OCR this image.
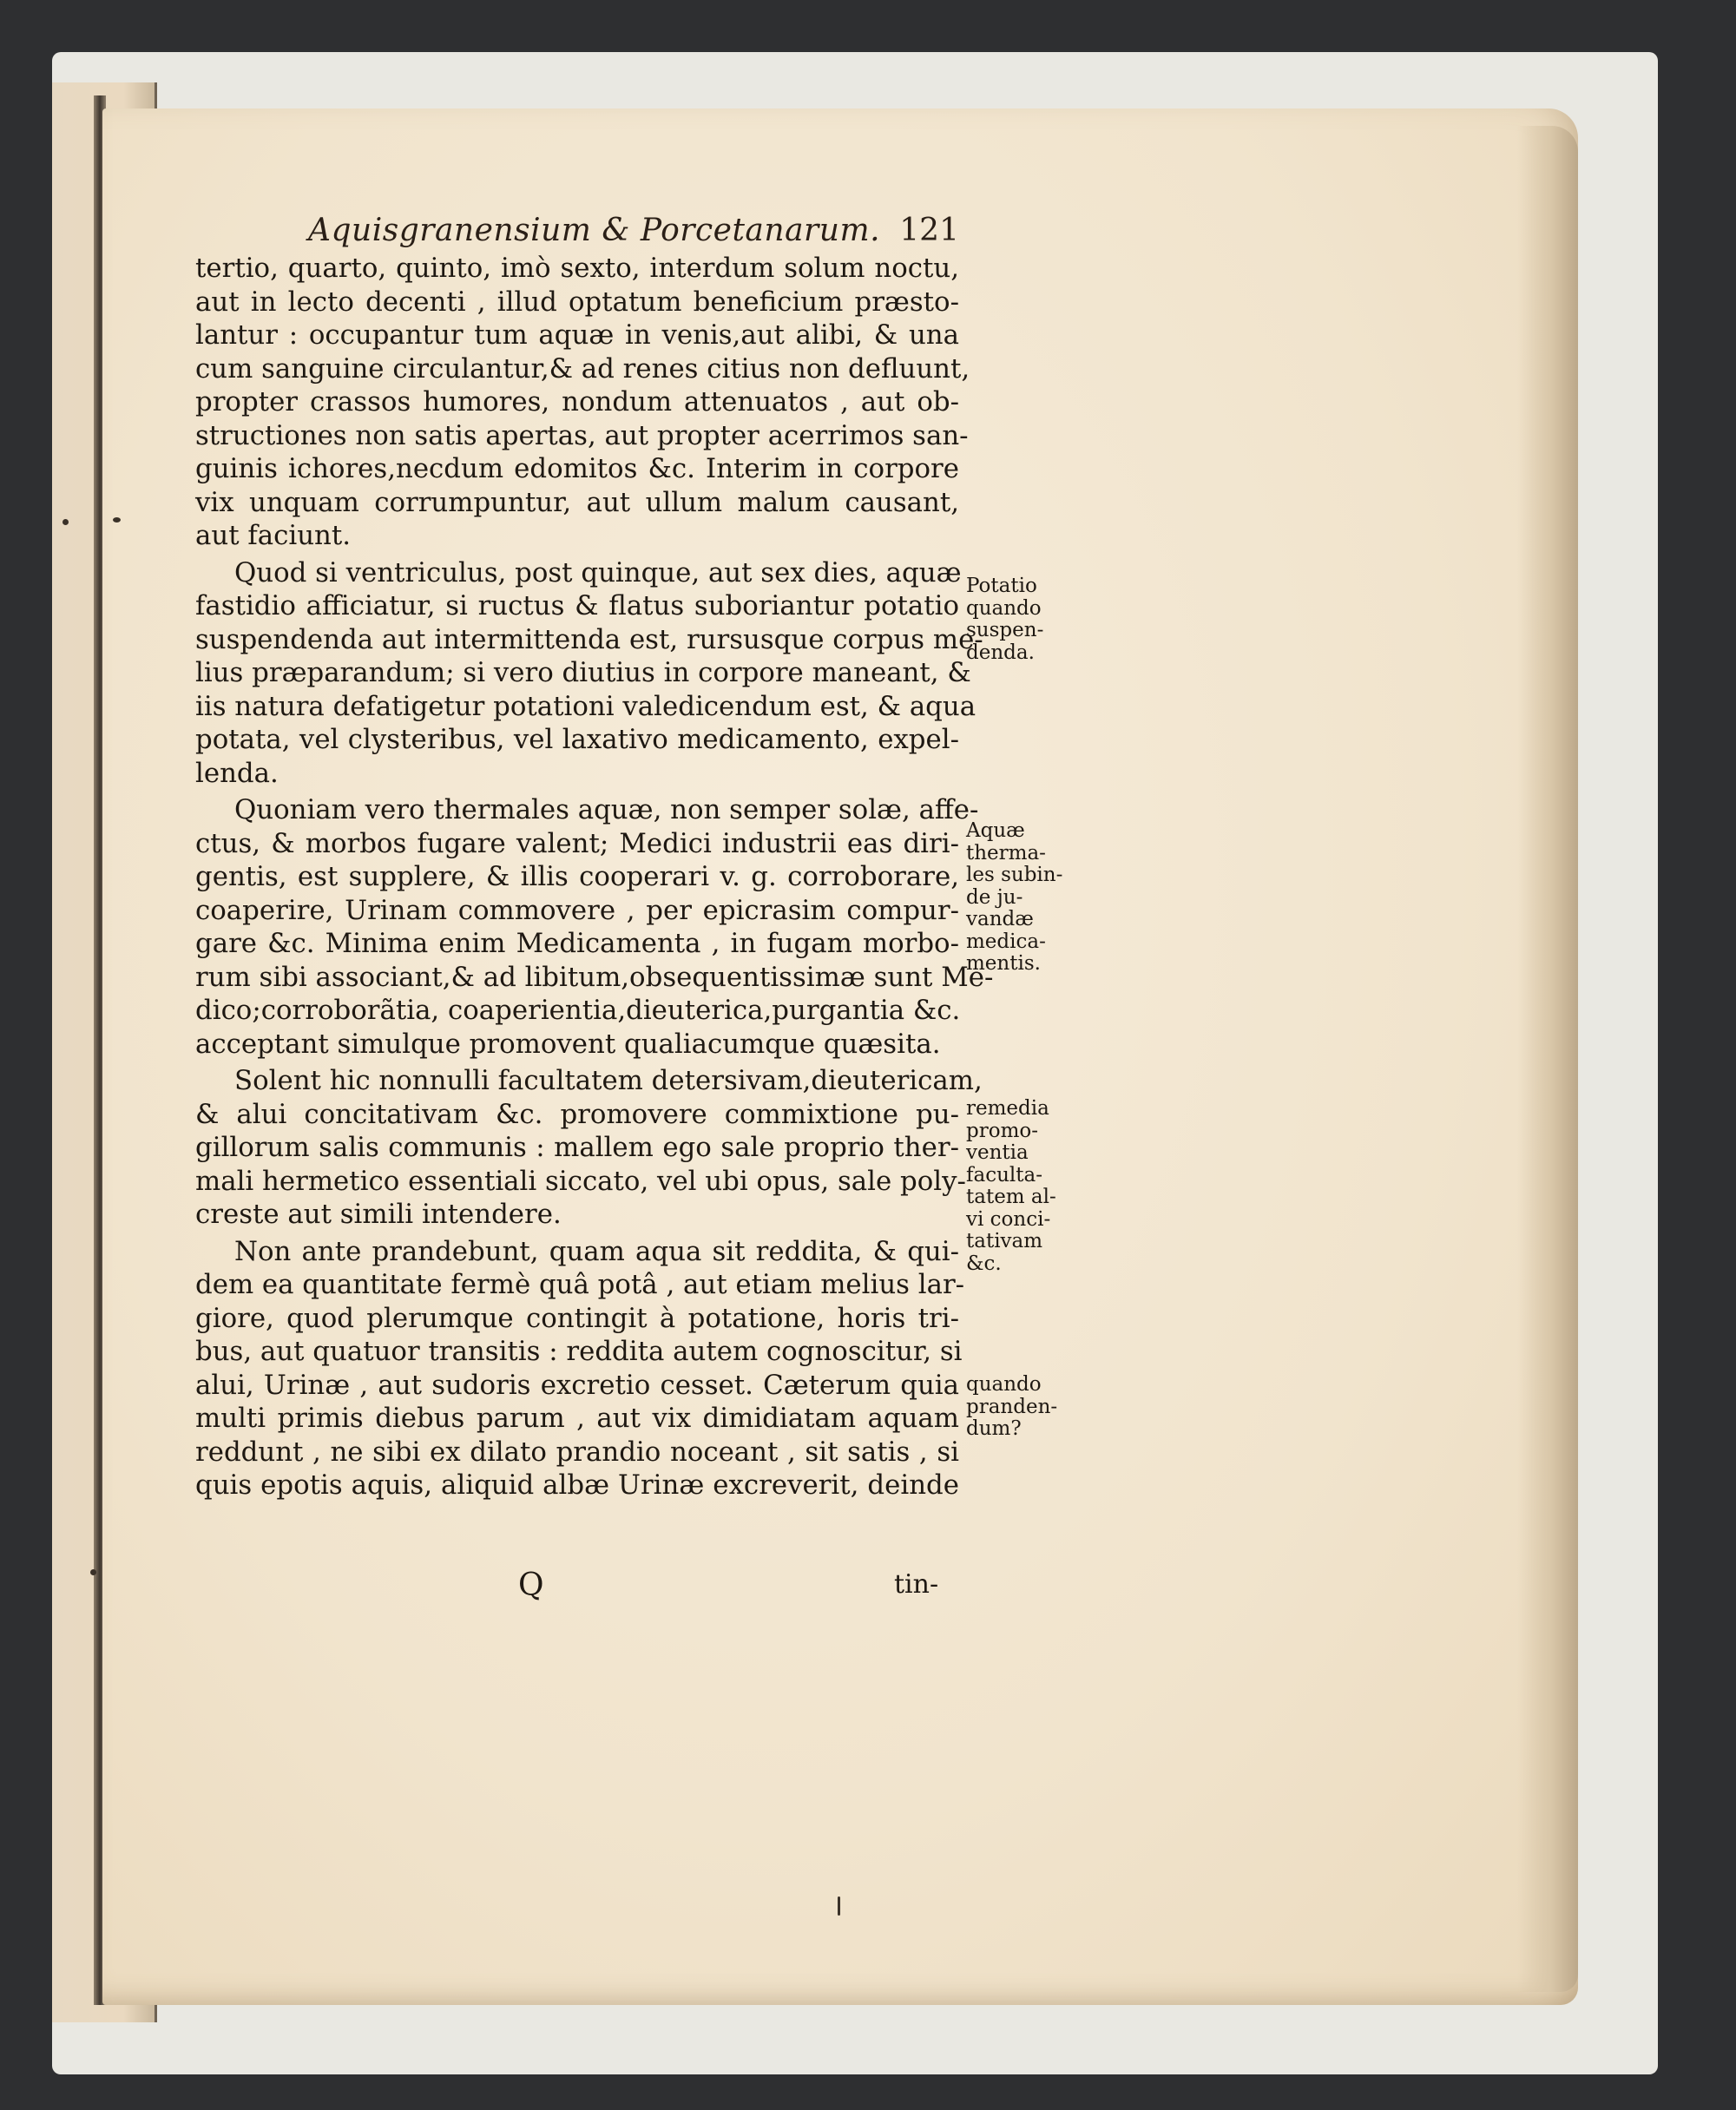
Aquisgranensium & Porcetanarum. 121
tertio, quarto, quinto, imò sexto, interdum solum noctu,
aut in lecto decenti , illud optatum beneficium præsto-
lantur : occupantur tum aquæ in venis,aut alibi, & una
cum sanguine circulantur,& ad renes citius non defluunt,
propter crassos humores, nondum attenuatos , aut ob-
structiones non satis apertas, aut propter acerrimos san-
guinis ichores,necdum edomitos &c. Interim in corpore
vix unquam corrumpuntur, aut ullum malum causant,
aut faciunt.
Quod si ventriculus, post quinque, aut sex dies, aquæ
fastidio afficiatur, si ructus & flatus suboriantur potatio
suspendenda aut intermittenda est, rursusque corpus me-
lius præparandum; si vero diutius in corpore maneant, &
iis natura defatigetur potationi valedicendum est, & aqua
potata, vel clysteribus, vel laxativo medicamento, expel-
lenda.
Quoniam vero thermales aquæ, non semper solæ, affe-
ctus, & morbos fugare valent; Medici industrii eas diri-
gentis, est supplere, & illis cooperari v. g. corroborare,
coaperire, Urinam commovere , per epicrasim compur-
gare &c. Minima enim Medicamenta , in fugam morbo-
rum sibi associant,& ad libitum,obsequentissimæ sunt Me-
dico;corroborãtia, coaperientia,dieuterica,purgantia &c.
acceptant simulque promovent qualiacumque quæsita.
Solent hic nonnulli facultatem detersivam,dieutericam,
& alui concitativam &c. promovere commixtione pu-
gillorum salis communis : mallem ego sale proprio ther-
mali hermetico essentiali siccato, vel ubi opus, sale poly-
creste aut simili intendere.
Non ante prandebunt, quam aqua sit reddita, & qui-
dem ea quantitate fermè quâ potâ , aut etiam melius lar-
giore, quod plerumque contingit à potatione, horis tri-
bus, aut quatuor transitis : reddita autem cognoscitur, si
alui, Urinæ , aut sudoris excretio cesset. Cæterum quia
multi primis diebus parum , aut vix dimidiatam aquam
reddunt , ne sibi ex dilato prandio noceant , sit satis , si
quis epotis aquis, aliquid albæ Urinæ excreverit, deinde
Potatio
quando
suspen-
denda.
Aquæ
therma-
les subin-
de ju-
vandæ
medica-
mentis.
remedia
promo-
ventia
faculta-
tatem al-
vi conci-
tativam
&c.
quando
pranden-
dum?
Q	tin-
